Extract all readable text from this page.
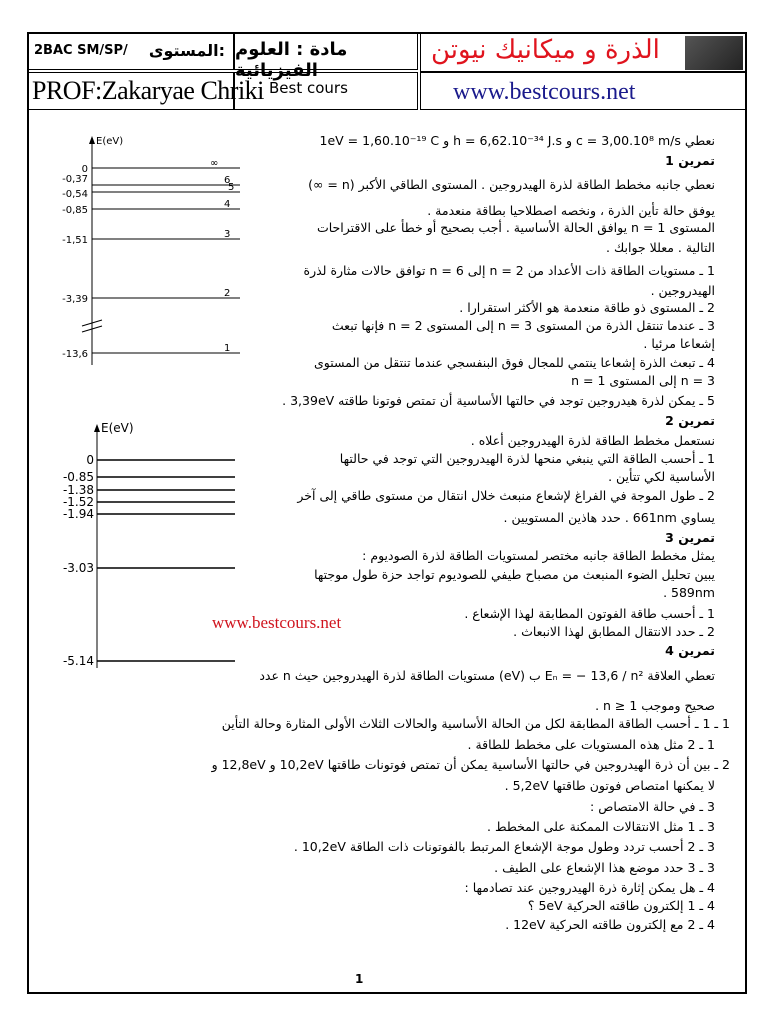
2BAC SM/SP/ المستوى: مادة : العلوم الفيزيائية
الذرة و ميكانيك نيوتن
PROF:Zakaryae Chriki Best cours	www.bestcours.net
E(eV)
0
∞
-0,37	6
-0,54
5
-0,85
4
-1,51
3
-3,39
2
-13,6
1
E(eV)
0
-0.85
-1.38
-1.52
-1.94
-3.03
-5.14
www.bestcours.net
نعطي c = 3,00.10⁸ m/s و h = 6,62.10⁻³⁴ J.s و 1eV = 1,60.10⁻¹⁹ C
تمرين 1
نعطي جانبه مخطط الطاقة لذرة الهيدروجين . المستوى الطاقي الأكبر (n = ∞)
يوفق حالة تأين الذرة ، ونخصه اصطلاحيا بطاقة منعدمة .
المستوى n = 1 يوافق الحالة الأساسية . أجب بصحيح أو خطأ على الاقتراحات
التالية . معللا جوابك .
1 ـ مستويات الطاقة ذات الأعداد من n = 2 إلى n = 6 توافق حالات مثارة لذرة
الهيدروجين .
2 ـ المستوى ذو طاقة منعدمة هو الأكثر استقرارا .
3 ـ عندما تنتقل الذرة من المستوى n = 3 إلى المستوى n = 2 فإنها تبعث
إشعاعا مرئيا .
4 ـ تبعث الذرة إشعاعا ينتمي للمجال فوق البنفسجي عندما تنتقل من المستوى
n = 3 إلى المستوى n = 1
5 ـ يمكن لذرة هيدروجين توجد في حالتها الأساسية أن تمتص فوتونا طاقته 3,39eV .
تمرين 2
نستعمل مخطط الطاقة لذرة الهيدروجين أعلاه .
1 ـ أحسب الطاقة التي ينبغي منحها لذرة الهيدروجين التي توجد في حالتها
الأساسية لكي تتأين .
2 ـ طول الموجة في الفراغ لإشعاع منبعث خلال انتقال من مستوى طاقي إلى آخر
يساوي 661nm . حدد هاذين المستويين .
تمرين 3
يمثل مخطط الطاقة جانبه مختصر لمستويات الطاقة لذرة الصوديوم :
يبين تحليل الضوء المنبعث من مصباح طيفي للصوديوم تواجد حزة طول موجتها
589nm .
1 ـ أحسب طاقة الفوتون المطابقة لهذا الإشعاع .
2 ـ حدد الانتقال المطابق لهذا الانبعاث .
تمرين 4
تعطي العلاقة Eₙ = − 13,6 / n² ب (eV) مستويات الطاقة لذرة الهيدروجين حيث n عدد
صحيح وموجب n ≥ 1 .
1 ـ 1 ـ أحسب الطاقة المطابقة لكل من الحالة الأساسية والحالات الثلاث الأولى المثارة وحالة التأين
1 ـ 2 مثل هذه المستويات على مخطط للطاقة .
2 ـ بين أن ذرة الهيدروجين في حالتها الأساسية يمكن أن تمتص فوتونات طاقتها 10,2eV و 12,8eV و
لا يمكنها امتصاص فوتون طاقتها 5,2eV .
3 ـ في حالة الامتصاص :
3 ـ 1 مثل الانتقالات الممكنة على المخطط .
3 ـ 2 أحسب تردد وطول موجة الإشعاع المرتبط بالفوتونات ذات الطاقة 10,2eV .
3 ـ 3 حدد موضع هذا الإشعاع على الطيف .
4 ـ هل يمكن إثارة ذرة الهيدروجين عند تصادمها :
4 ـ 1 إلكترون طاقته الحركية 5eV ؟
4 ـ 2 مع إلكترون طاقته الحركية 12eV .
1
